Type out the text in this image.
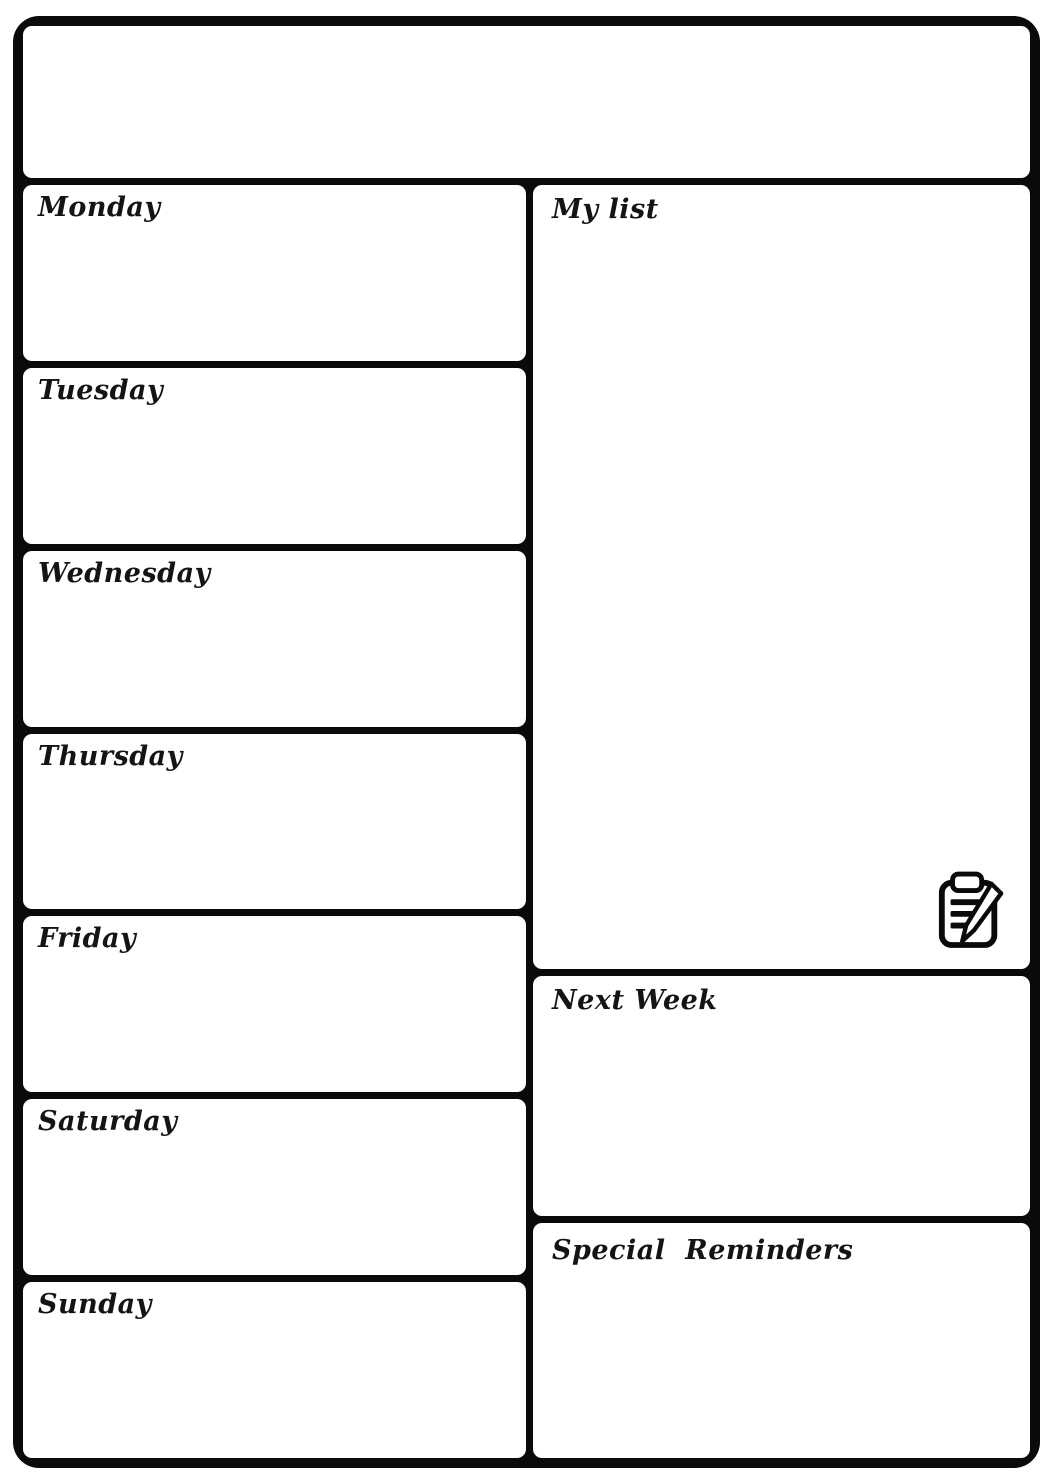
Monday
Tuesday
Wednesday
Thursday
Friday
Saturday
Sunday
My list
Next Week
Special  Reminders
